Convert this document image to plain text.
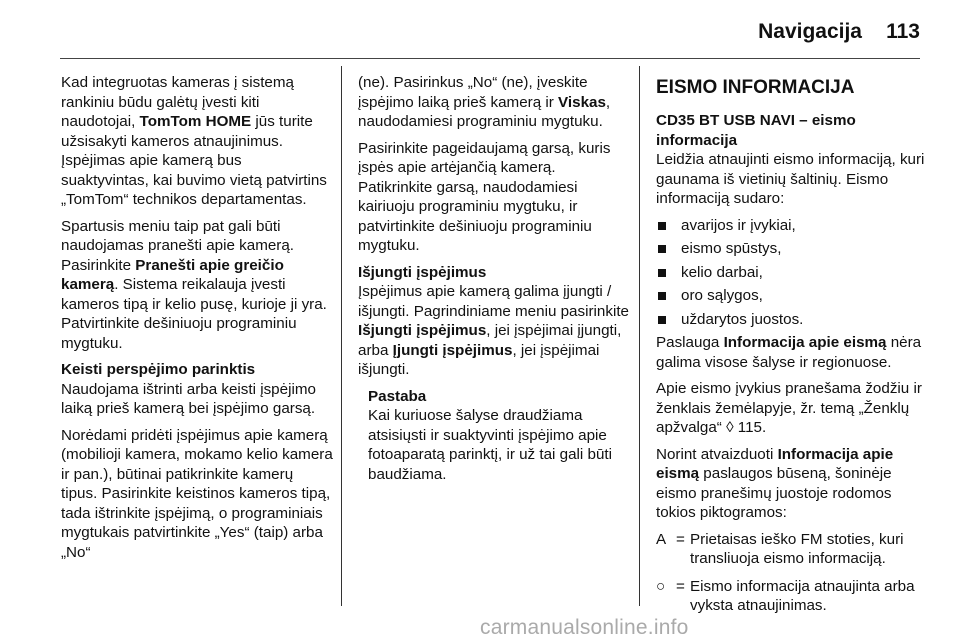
Navigacija 113

Kad integruotas kameras į sistemą rankiniu būdu galėtų įvesti kiti naudotojai, TomTom HOME jūs turite užsisakyti kameros atnaujinimus. Įspėjimas apie kamerą bus suaktyvintas, kai buvimo vietą patvirtins „TomTom“ technikos departamentas.

Spartusis meniu taip pat gali būti naudojamas pranešti apie kamerą. Pasirinkite Pranešti apie greičio kamerą. Sistema reikalauja įvesti kameros tipą ir kelio pusę, kurioje ji yra. Patvirtinkite dešiniuoju programiniu mygtuku.

Keisti perspėjimo parinktis

Naudojama ištrinti arba keisti įspėjimo laiką prieš kamerą bei įspėjimo garsą.

Norėdami pridėti įspėjimus apie kamerą (mobilioji kamera, mokamo kelio kamera ir pan.), būtinai patikrinkite kamerų tipus. Pasirinkite keistinos kameros tipą, tada ištrinkite įspėjimą, o programiniais mygtukais patvirtinkite „Yes“ (taip) arba „No“

(ne). Pasirinkus „No“ (ne), įveskite įspėjimo laiką prieš kamerą ir Viskas, naudodamiesi programiniu mygtuku.

Pasirinkite pageidaujamą garsą, kuris įspės apie artėjančią kamerą. Patikrinkite garsą, naudodamiesi kairiuoju programiniu mygtuku, ir patvirtinkite dešiniuoju programiniu mygtuku.

Išjungti įspėjimus

Įspėjimus apie kamerą galima įjungti / išjungti. Pagrindiniame meniu pasirinkite Išjungti įspėjimus, jei įspėjimai įjungti, arba Įjungti įspėjimus, jei įspėjimai išjungti.

Pastaba
Kai kuriuose šalyse draudžiama atsisiųsti ir suaktyvinti įspėjimo apie fotoaparatą parinktį, ir už tai gali būti baudžiama.
EISMO INFORMACIJA
CD35 BT USB NAVI – eismo informacija

Leidžia atnaujinti eismo informaciją, kuri gaunama iš vietinių šaltinių. Eismo informaciją sudaro:

avarijos ir įvykiai,
eismo spūstys,
kelio darbai,
oro sąlygos,
uždarytos juostos.

Paslauga Informacija apie eismą nėra galima visose šalyse ir regionuose.

Apie eismo įvykius pranešama žodžiu ir ženklais žemėlapyje, žr. temą „Ženklų apžvalga“ ◊ 115.

Norint atvaizduoti Informacija apie eismą paslaugos būseną, šoninėje eismo pranešimų juostoje rodomos tokios piktogramos:

A = Prietaisas ieško FM stoties, kuri transliuoja eismo informaciją.
○ = Eismo informacija atnaujinta arba vyksta atnaujinimas.
carmanualsonline.info
